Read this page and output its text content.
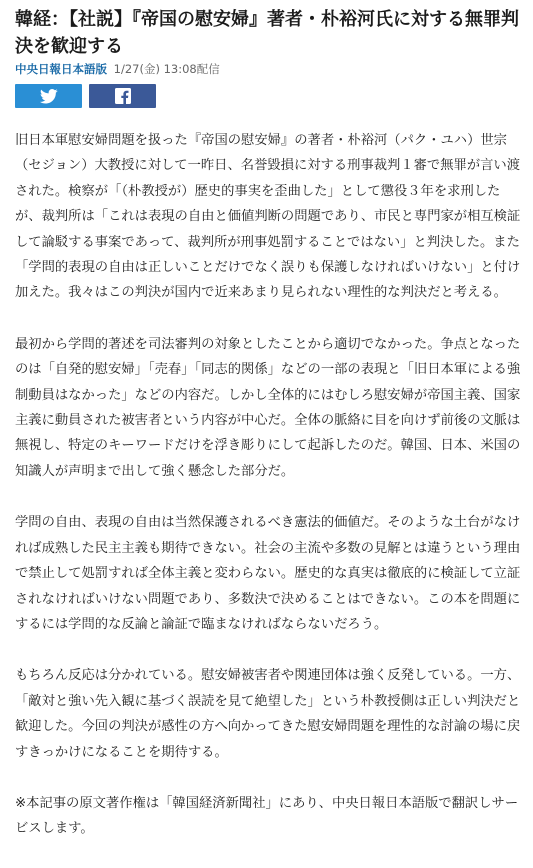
韓経：【社説】『帝国の慰安婦』著者・朴裕河氏に対する無罪判決を歓迎する
中央日報日本語版 1/27(金) 13:08配信

旧日本軍慰安婦問題を扱った『帝国の慰安婦』の著者・朴裕河（パク・ユハ）世宗（セジョン）大教授に対して一昨日、名誉毀損に対する刑事裁判１審で無罪が言い渡された。検察が「（朴教授が）歴史的事実を歪曲した」として懲役３年を求刑したが、裁判所は「これは表現の自由と価値判断の問題であり、市民と専門家が相互検証して論駁する事案であって、裁判所が刑事処罰することではない」と判決した。また「学問的表現の自由は正しいことだけでなく誤りも保護しなければいけない」と付け加えた。我々はこの判決が国内で近来あまり見られない理性的な判決だと考える。

最初から学問的著述を司法審判の対象としたことから適切でなかった。争点となったのは「自発的慰安婦」「売春」「同志的関係」などの一部の表現と「旧日本軍による強制動員はなかった」などの内容だ。しかし全体的にはむしろ慰安婦が帝国主義、国家主義に動員された被害者という内容が中心だ。全体の脈絡に目を向けず前後の文脈は無視し、特定のキーワードだけを浮き彫りにして起訴したのだ。韓国、日本、米国の知識人が声明まで出して強く懸念した部分だ。

学問の自由、表現の自由は当然保護されるべき憲法的価値だ。そのような土台がなければ成熟した民主主義も期待できない。社会の主流や多数の見解とは違うという理由で禁止して処罰すれば全体主義と変わらない。歴史的な真実は徹底的に検証して立証されなければいけない問題であり、多数決で決めることはできない。この本を問題にするには学問的な反論と論証で臨まなければならないだろう。

もちろん反応は分かれている。慰安婦被害者や関連団体は強く反発している。一方、「敵対と強い先入観に基づく誤読を見て絶望した」という朴教授側は正しい判決だと歓迎した。今回の判決が感性の方へ向かってきた慰安婦問題を理性的な討論の場に戻すきっかけになることを期待する。

※本記事の原文著作権は「韓国経済新聞社」にあり、中央日報日本語版で翻訳しサービスします。
